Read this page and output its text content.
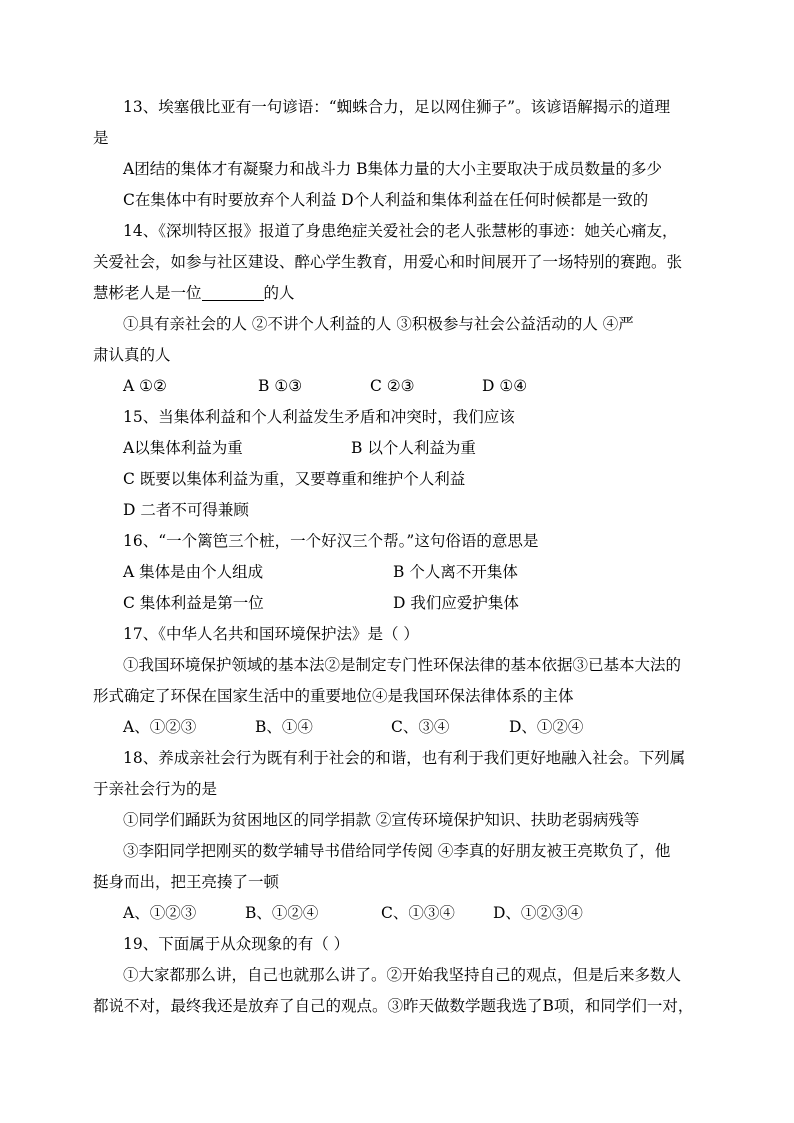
13、埃塞俄比亚有一句谚语：“蜘蛛合力，足以网住狮子”。该谚语解揭示的道理
是
A团结的集体才有凝聚力和战斗力 B集体力量的大小主要取决于成员数量的多少
C在集体中有时要放弃个人利益 D个人利益和集体利益在任何时候都是一致的
14、《深圳特区报》报道了身患绝症关爱社会的老人张慧彬的事迹：她关心痛友，
关爱社会，如参与社区建设、醉心学生教育，用爱心和时间展开了一场特别的赛跑。张
慧彬老人是一位	的人
①具有亲社会的人 ②不讲个人利益的人 ③积极参与社会公益活动的人 ④严
肃认真的人
A ①②	B ①③	C ②③	D ①④
15、当集体利益和个人利益发生矛盾和冲突时，我们应该
A以集体利益为重	B 以个人利益为重
C 既要以集体利益为重，又要尊重和维护个人利益
D 二者不可得兼顾
16、“一个篱笆三个桩，一个好汉三个帮。”这句俗语的意思是
A 集体是由个人组成	B 个人离不开集体
C 集体利益是第一位	D 我们应爱护集体
17、《中华人名共和国环境保护法》是（ ）
①我国环境保护领域的基本法②是制定专门性环保法律的基本依据③已基本大法的
形式确定了环保在国家生活中的重要地位④是我国环保法律体系的主体
A、①②③	B、①④	C、③④	D、①②④
18、养成亲社会行为既有利于社会的和谐，也有利于我们更好地融入社会。下列属
于亲社会行为的是
①同学们踊跃为贫困地区的同学捐款 ②宣传环境保护知识、扶助老弱病残等
③李阳同学把刚买的数学辅导书借给同学传阅 ④李真的好朋友被王亮欺负了，他
挺身而出，把王亮揍了一顿
A、①②③	B、①②④	C、①③④	D、①②③④
19、下面属于从众现象的有（ ）
①大家都那么讲，自己也就那么讲了。②开始我坚持自己的观点，但是后来多数人
都说不对，最终我还是放弃了自己的观点。③昨天做数学题我选了B项，和同学们一对，
